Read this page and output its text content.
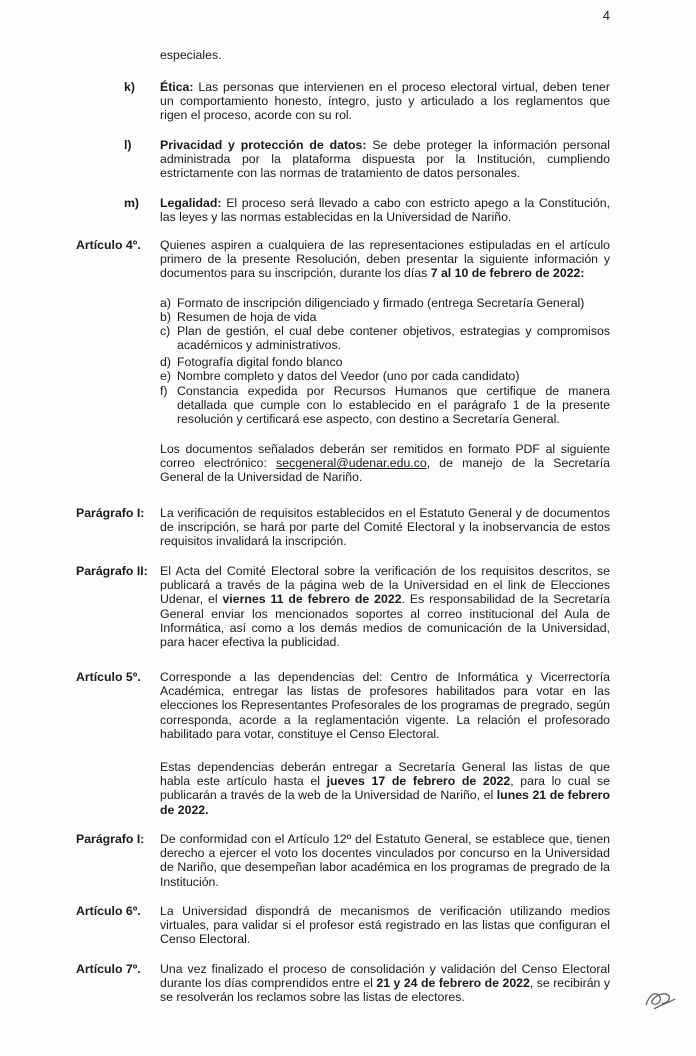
4
especiales.
k) Ética: Las personas que intervienen en el proceso electoral virtual, deben tener un comportamiento honesto, íntegro, justo y articulado a los reglamentos que rigen el proceso, acorde con su rol.
l) Privacidad y protección de datos: Se debe proteger la información personal administrada por la plataforma dispuesta por la Institución, cumpliendo estrictamente con las normas de tratamiento de datos personales.
m) Legalidad: El proceso será llevado a cabo con estricto apego a la Constitución, las leyes y las normas establecidas en la Universidad de Nariño.
Artículo 4º. Quienes aspiren a cualquiera de las representaciones estipuladas en el artículo primero de la presente Resolución, deben presentar la siguiente información y documentos para su inscripción, durante los días 7 al 10 de febrero de 2022:
a) Formato de inscripción diligenciado y firmado (entrega Secretaría General)
b) Resumen de hoja de vida
c) Plan de gestión, el cual debe contener objetivos, estrategias y compromisos académicos y administrativos.
d) Fotografía digital fondo blanco
e) Nombre completo y datos del Veedor (uno por cada candidato)
f) Constancia expedida por Recursos Humanos que certifique de manera detallada que cumple con lo establecido en el parágrafo 1 de la presente resolución y certificará ese aspecto, con destino a Secretaría General.
Los documentos señalados deberán ser remitidos en formato PDF al siguiente correo electrónico: secgeneral@udenar.edu.co, de manejo de la Secretaría General de la Universidad de Nariño.
Parágrafo I: La verificación de requisitos establecidos en el Estatuto General y de documentos de inscripción, se hará por parte del Comité Electoral y la inobservancia de estos requisitos invalidará la inscripción.
Parágrafo II: El Acta del Comité Electoral sobre la verificación de los requisitos descritos, se publicará a través de la página web de la Universidad en el link de Elecciones Udenar, el viernes 11 de febrero de 2022. Es responsabilidad de la Secretaría General enviar los mencionados soportes al correo institucional del Aula de Informática, así como a los demás medios de comunicación de la Universidad, para hacer efectiva la publicidad.
Artículo 5º. Corresponde a las dependencias del: Centro de Informática y Vicerrectoría Académica, entregar las listas de profesores habilitados para votar en las elecciones los Representantes Profesorales de los programas de pregrado, según corresponda, acorde a la reglamentación vigente. La relación el profesorado habilitado para votar, constituye el Censo Electoral.
Estas dependencias deberán entregar a Secretaría General las listas de que habla este artículo hasta el jueves 17 de febrero de 2022, para lo cual se publicarán a través de la web de la Universidad de Nariño, el lunes 21 de febrero de 2022.
Parágrafo I: De conformidad con el Artículo 12º del Estatuto General, se establece que, tienen derecho a ejercer el voto los docentes vinculados por concurso en la Universidad de Nariño, que desempeñan labor académica en los programas de pregrado de la Institución.
Artículo 6º. La Universidad dispondrá de mecanismos de verificación utilizando medios virtuales, para validar si el profesor está registrado en las listas que configuran el Censo Electoral.
Artículo 7º. Una vez finalizado el proceso de consolidación y validación del Censo Electoral durante los días comprendidos entre el 21 y 24 de febrero de 2022, se recibirán y se resolverán los reclamos sobre las listas de electores.
